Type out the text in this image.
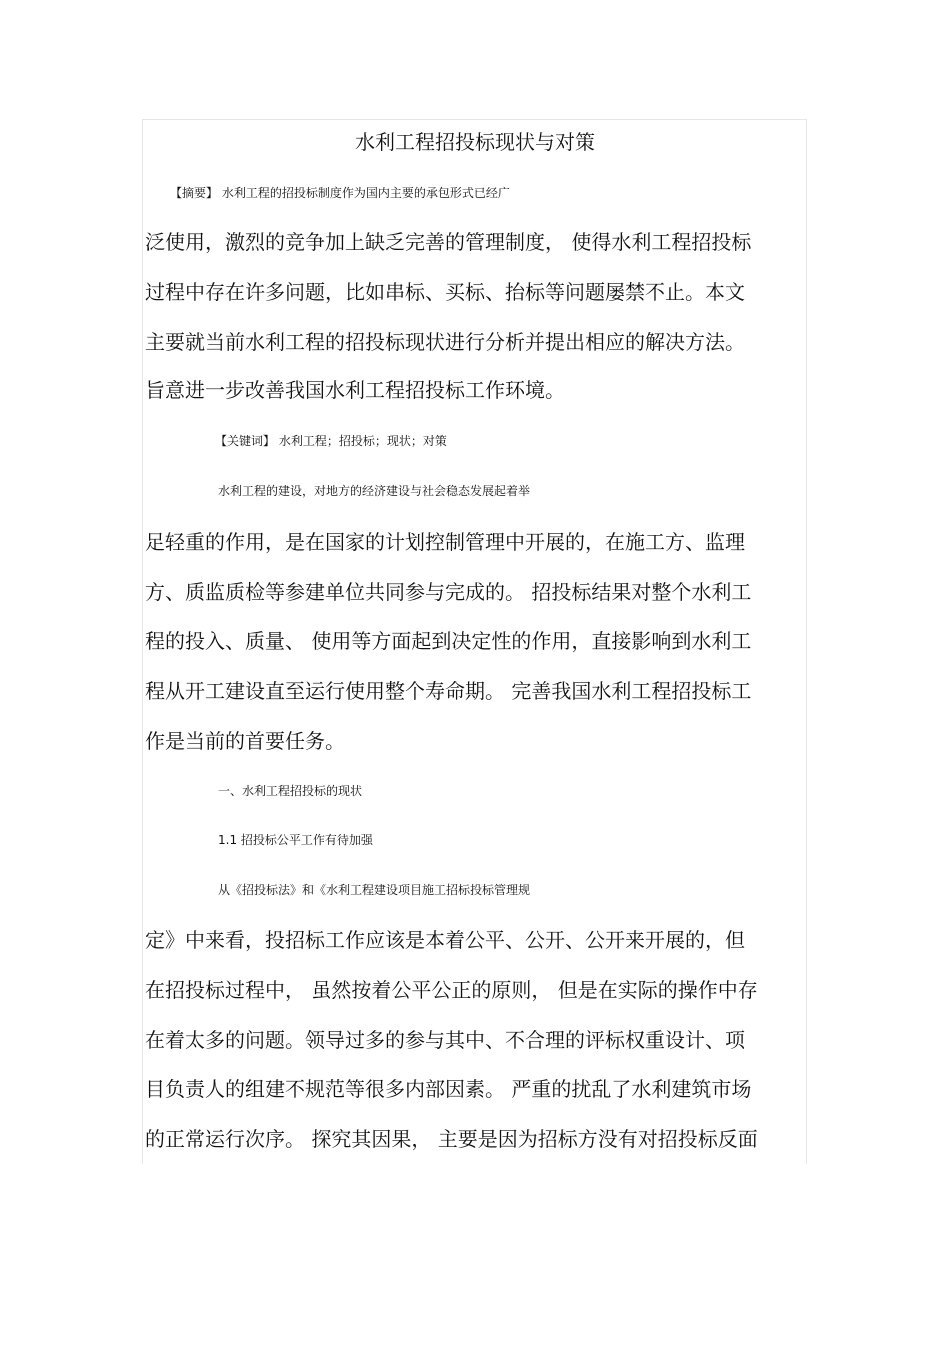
水利工程招投标现状与对策
【摘要】 水利工程的招投标制度作为国内主要的承包形式已经广
泛使用，激烈的竞争加上缺乏完善的管理制度， 使得水利工程招投标
过程中存在许多问题，比如串标、买标、抬标等问题屡禁不止。本文
主要就当前水利工程的招投标现状进行分析并提出相应的解决方法。
旨意进一步改善我国水利工程招投标工作环境。
【关键词】 水利工程；招投标；现状；对策
水利工程的建设，对地方的经济建设与社会稳态发展起着举
足轻重的作用，是在国家的计划控制管理中开展的，在施工方、监理
方、质监质检等参建单位共同参与完成的。 招投标结果对整个水利工
程的投入、质量、 使用等方面起到决定性的作用，直接影响到水利工
程从开工建设直至运行使用整个寿命期。 完善我国水利工程招投标工
作是当前的首要任务。
一、水利工程招投标的现状
1.1 招投标公平工作有待加强
从《招投标法》和《水利工程建设项目施工招标投标管理规
定》中来看，投招标工作应该是本着公平、公开、公开来开展的，但
在招投标过程中， 虽然按着公平公正的原则， 但是在实际的操作中存
在着太多的问题。领导过多的参与其中、不合理的评标权重设计、项
目负责人的组建不规范等很多内部因素。 严重的扰乱了水利建筑市场
的正常运行次序。 探究其因果， 主要是因为招标方没有对招投标反面
